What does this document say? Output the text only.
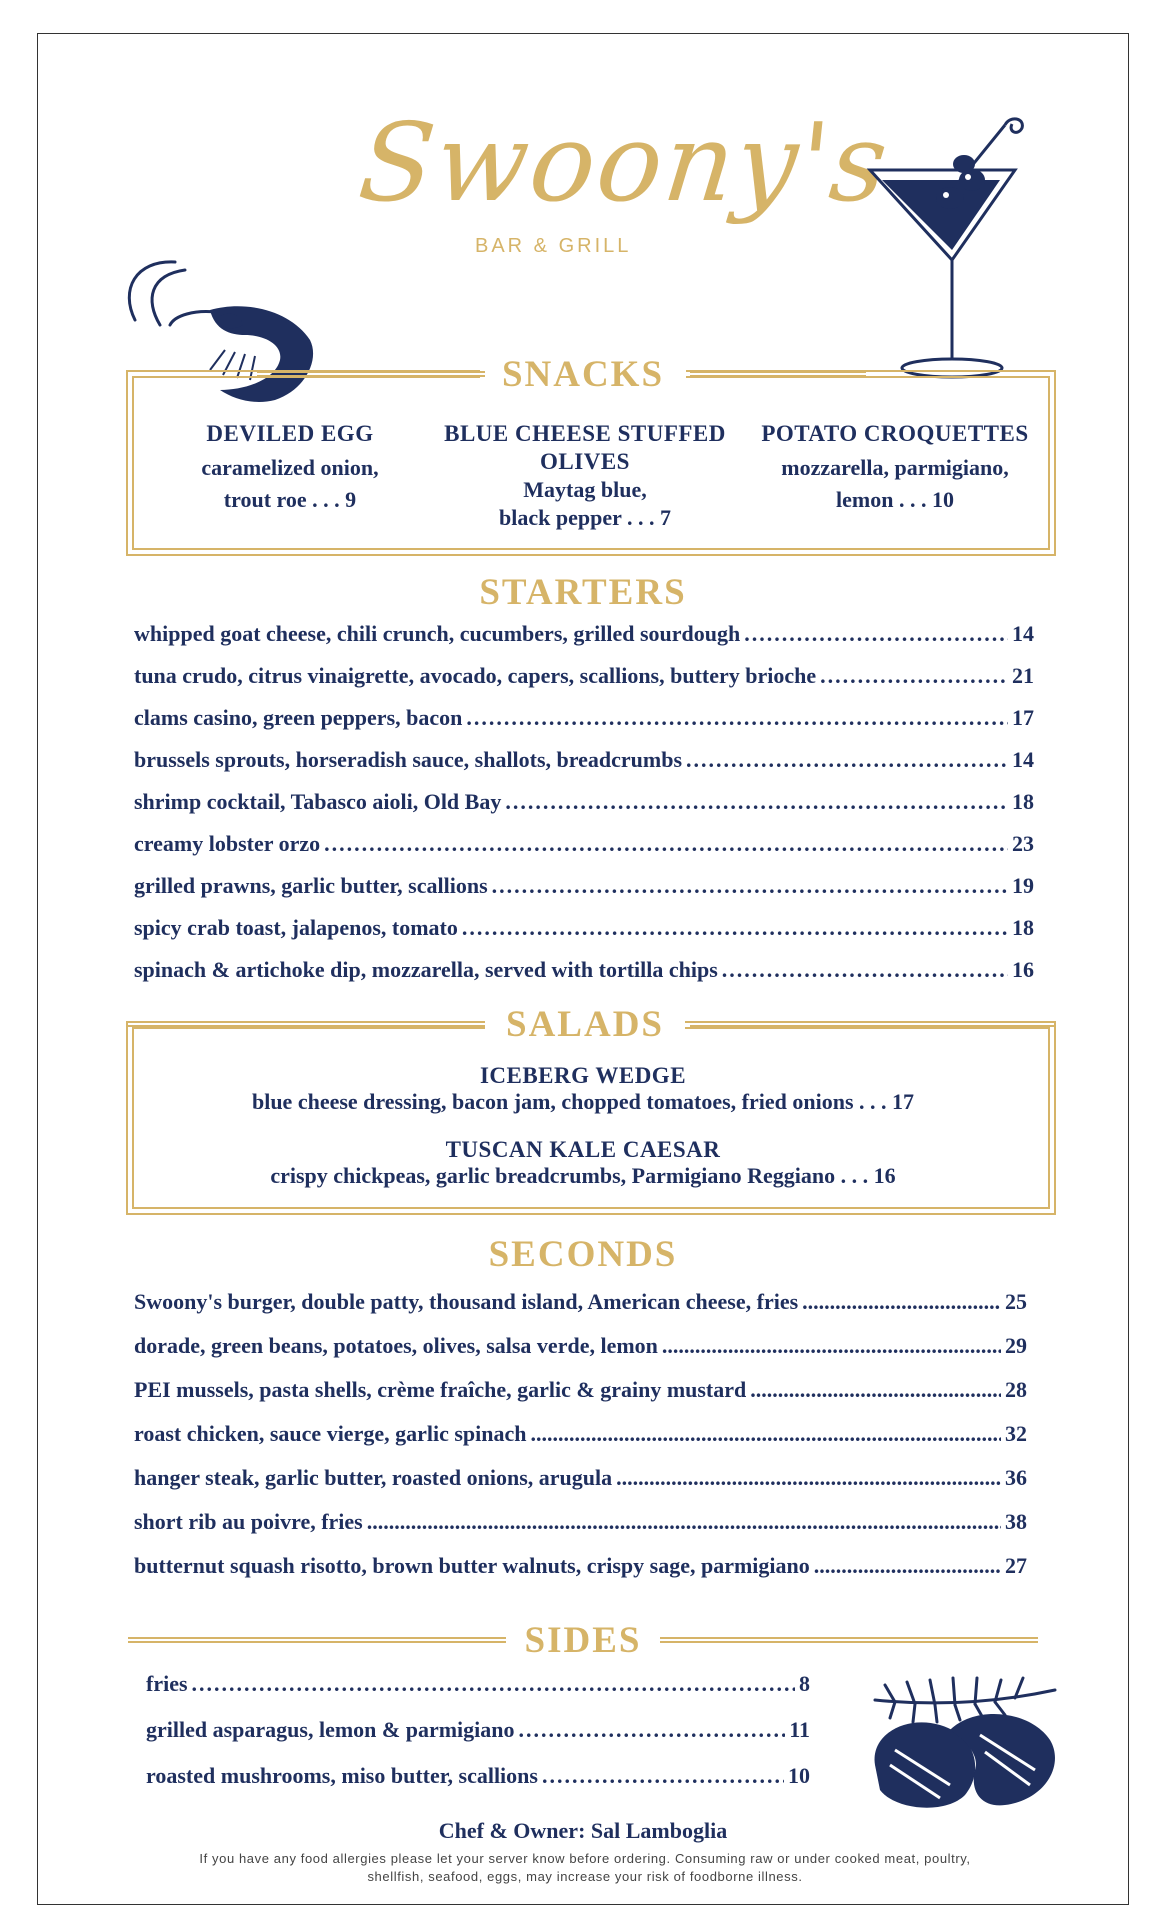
Swoony's
BAR & GRILL
SNACKS
DEVILED EGG
caramelized onion,
trout roe . . . 9
BLUE CHEESE STUFFED
OLIVES
Maytag blue,
black pepper . . . 7
POTATO CROQUETTES
mozzarella, parmigiano,
lemon . . . 10
STARTERS
whipped goat cheese, chili crunch, cucumbers, grilled sourdough .....	14
tuna crudo, citrus vinaigrette, avocado, capers, scallions, buttery brioche .....	21
clams casino, green peppers, bacon .....	17
brussels sprouts, horseradish sauce, shallots, breadcrumbs .....	14
shrimp cocktail, Tabasco aioli, Old Bay .....	18
creamy lobster orzo .....	23
grilled prawns, garlic butter, scallions .....	19
spicy crab toast, jalapenos, tomato .....	18
spinach & artichoke dip, mozzarella, served with tortilla chips .....	16
SALADS
ICEBERG WEDGE
blue cheese dressing, bacon jam, chopped tomatoes, fried onions . . . 17
TUSCAN KALE CAESAR
crispy chickpeas, garlic breadcrumbs, Parmigiano Reggiano . . . 16
SECONDS
Swoony's burger, double patty, thousand island, American cheese, fries .....	25
dorade, green beans, potatoes, olives, salsa verde, lemon .....	29
PEI mussels, pasta shells, crème fraîche, garlic & grainy mustard .....	28
roast chicken, sauce vierge, garlic spinach .....	32
hanger steak, garlic butter, roasted onions, arugula .....	36
short rib au poivre, fries .....	38
butternut squash risotto, brown butter walnuts, crispy sage, parmigiano .....	27
SIDES
fries .....	8
grilled asparagus, lemon & parmigiano .....	11
roasted mushrooms, miso butter, scallions .....	10
Chef & Owner: Sal Lamboglia
If you have any food allergies please let your server know before ordering. Consuming raw or under cooked meat, poultry,
shellfish, seafood, eggs, may increase your risk of foodborne illness.
